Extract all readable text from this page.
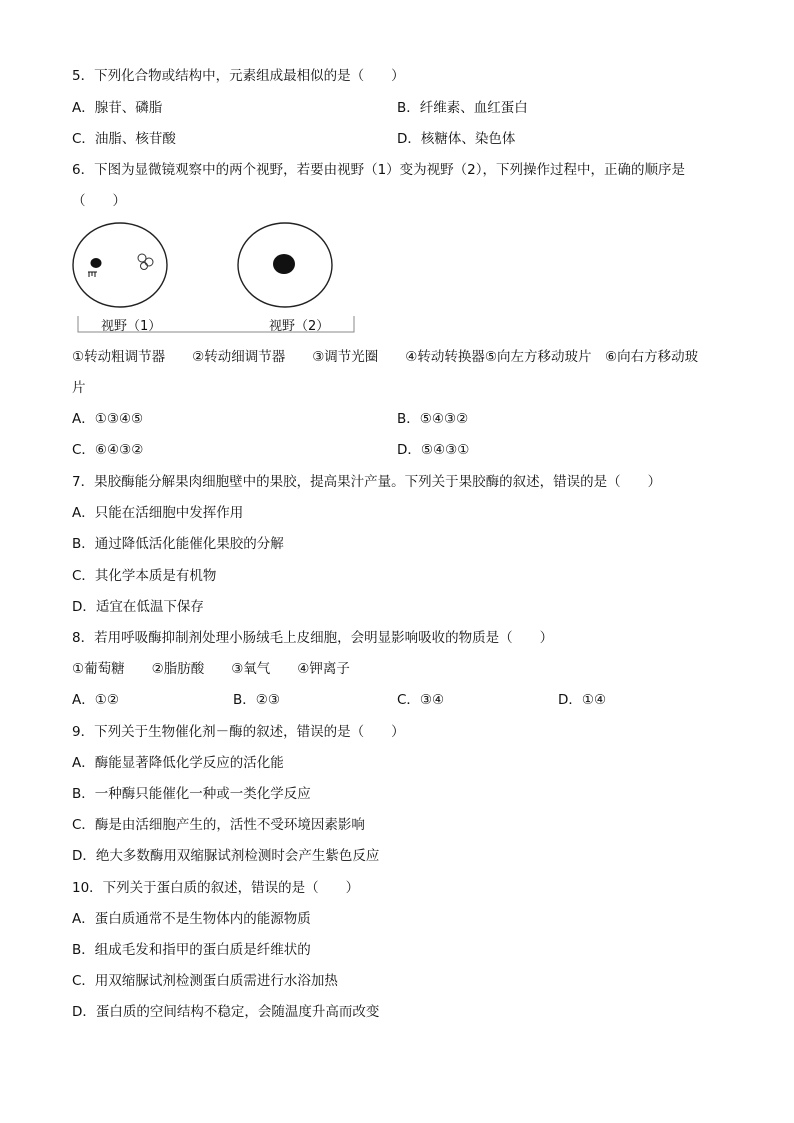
5．下列化合物或结构中，元素组成最相似的是（　　）
A．腺苷、磷脂	B．纤维素、血红蛋白
C．油脂、核苷酸	D．核糖体、染色体
6．下图为显微镜观察中的两个视野，若要由视野（1）变为视野（2），下列操作过程中，正确的顺序是
（　　）
视野（1）	视野（2）
①转动粗调节器　　②转动细调节器　　③调节光圈　　④转动转换器⑤向左方移动玻片　⑥向右方移动玻
片
A．①③④⑤	B．⑤④③②
C．⑥④③②	D．⑤④③①
7．果胶酶能分解果肉细胞壁中的果胶，提高果汁产量。下列关于果胶酶的叙述，错误的是（　　）
A．只能在活细胞中发挥作用
B．通过降低活化能催化果胶的分解
C．其化学本质是有机物
D．适宜在低温下保存
8．若用呼吸酶抑制剂处理小肠绒毛上皮细胞，会明显影响吸收的物质是（　　）
①葡萄糖　　②脂肪酸　　③氧气　　④钾离子
A．①②	B．②③	C．③④	D．①④
9．下列关于生物催化剂－酶的叙述，错误的是（　　）
A．酶能显著降低化学反应的活化能
B．一种酶只能催化一种或一类化学反应
C．酶是由活细胞产生的，活性不受环境因素影响
D．绝大多数酶用双缩脲试剂检测时会产生紫色反应
10．下列关于蛋白质的叙述，错误的是（　　）
A．蛋白质通常不是生物体内的能源物质
B．组成毛发和指甲的蛋白质是纤维状的
C．用双缩脲试剂检测蛋白质需进行水浴加热
D．蛋白质的空间结构不稳定，会随温度升高而改变
